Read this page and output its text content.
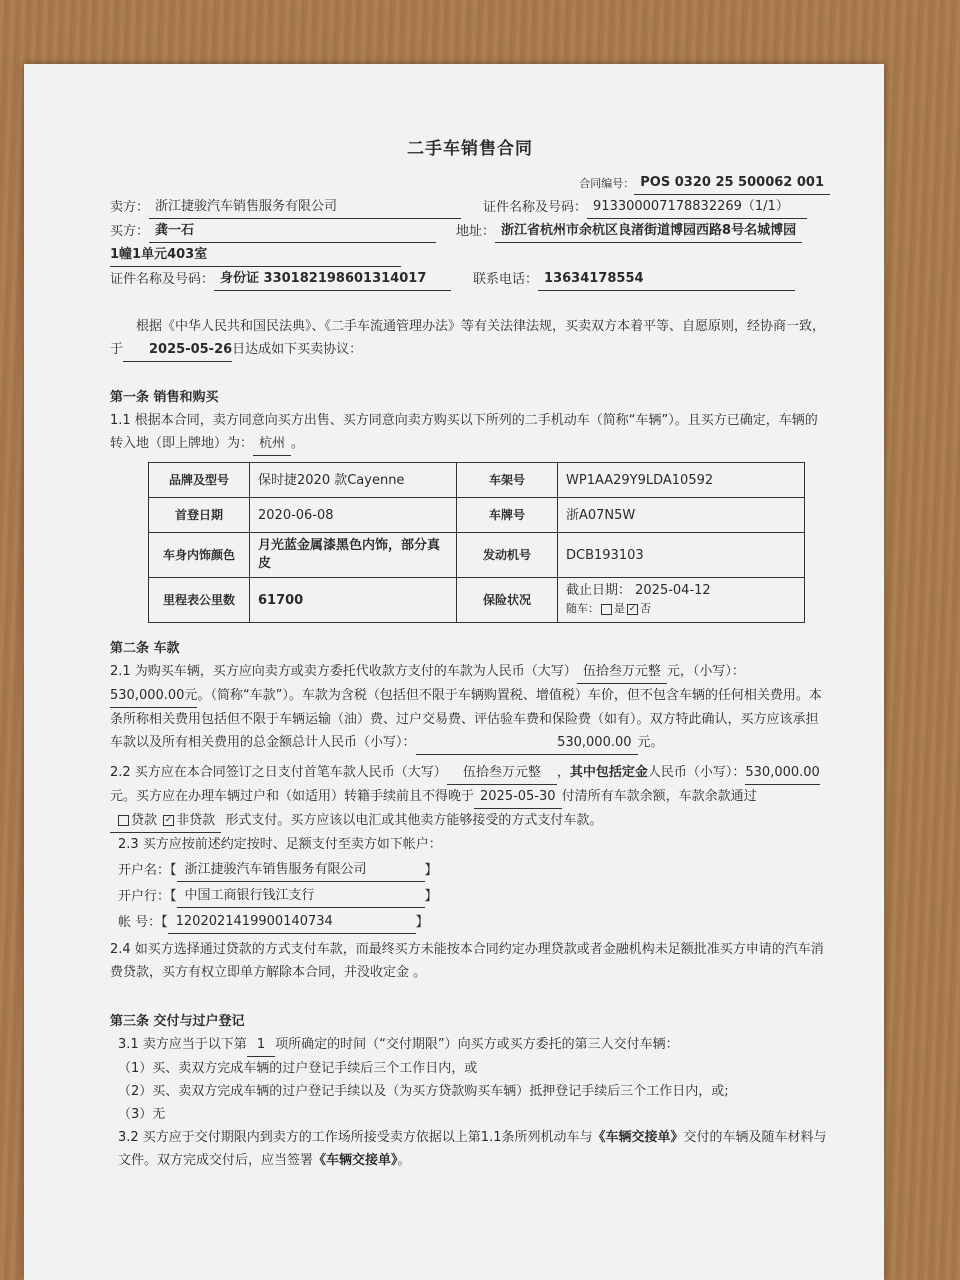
二手车销售合同
合同编号： POS 0320 25 500062 001
卖方： 浙江捷骏汽车销售服务有限公司	证件名称及号码： 91330000717883226​9（1/1）
买方： 龚一石	地址： 浙江省杭州市余杭区良渚街道博园西路8号名城博园
1幢1单元403室
证件名称及号码： 身份证 330182198601314017	联系电话： 13634178554
根据《中华人民共和国民法典》、《二手车流通管理办法》等有关法律法规，买卖双方本着平等、自愿原则，经协商一致，于 2025-05-26日达成如下买卖协议：
第一条 销售和购买
1.1 根据本合同，卖方同意向买方出售、买方同意向卖方购买以下所列的二手机动车（简称“车辆”）。且买方已确定，车辆的转入地（即上牌地）为： 杭州 。
品牌及型号	保时捷2020 款Cayenne	车架号	WP1AA29Y9LDA10592
首登日期	2020-06-08	车牌号	浙A07N5W
车身内饰颜色	月光蓝金属漆黑色内饰，部分真皮	发动机号	DCB193103
里程表公里数	61700	保险状况	截止日期： 2025-04-12
随车： 是 ✓ 否
第二条 车款
2.1 为购买车辆，买方应向卖方或卖方委托代收款方支付的车款为人民币（大写） 伍拾叁万元整 元，（小写）：530,000.00元。（简称“车款”）。车款为含税（包括但不限于车辆购置税、增值税）车价，但不包含车辆的任何相关费用。本条所称相关费用包括但不限于车辆运输（油）费、过户交易费、评估验车费和保险费（如有）。双方特此确认，买方应该承担车款以及所有相关费用的总金额总计人民币（小写）：	530,000.00 元。
2.2 买方应在本合同签订之日支付首笔车款人民币（大写） 伍拾叁万元整 ，其中包括定金人民币（小写）：530,000.00元。买方应在办理车辆过户和（如适用）转籍手续前且不得晚于 2025-05-30 付清所有车款余额，车款余款通过 贷款 ✓ 非贷款 形式支付。买方应该以电汇或其他卖方能够接受的方式支付车款。
2.3 买方应按前述约定按时、足额支付至卖方如下帐户：
开户名：【 浙江捷骏汽车销售服务有限公司	】
开户行：【 中国工商银行钱江支行	】
帐 号：【 1202021419900140734	】
2.4 如买方选择通过贷款的方式支付车款，而最终买方未能按本合同约定办理贷款或者金融机构未足额批准买方申请的汽车消费贷款，买方有权立即单方解除本合同，并没收定金 。
第三条 交付与过户登记
3.1 卖方应当于以下第 1 项所确定的时间（“交付期限”）向买方或买方委托的第三人交付车辆：
（1）买、卖双方完成车辆的过户登记手续后三个工作日内，或
（2）买、卖双方完成车辆的过户登记手续以及（为买方贷款购买车辆）抵押登记手续后三个工作日内，或;
（3）无
3.2 买方应于交付期限内到卖方的工作场所接受卖方依据以上第1.1条所列机动车与《车辆交接单》交付的车辆及随车材料与文件。双方完成交付后，应当签署《车辆交接单》。
